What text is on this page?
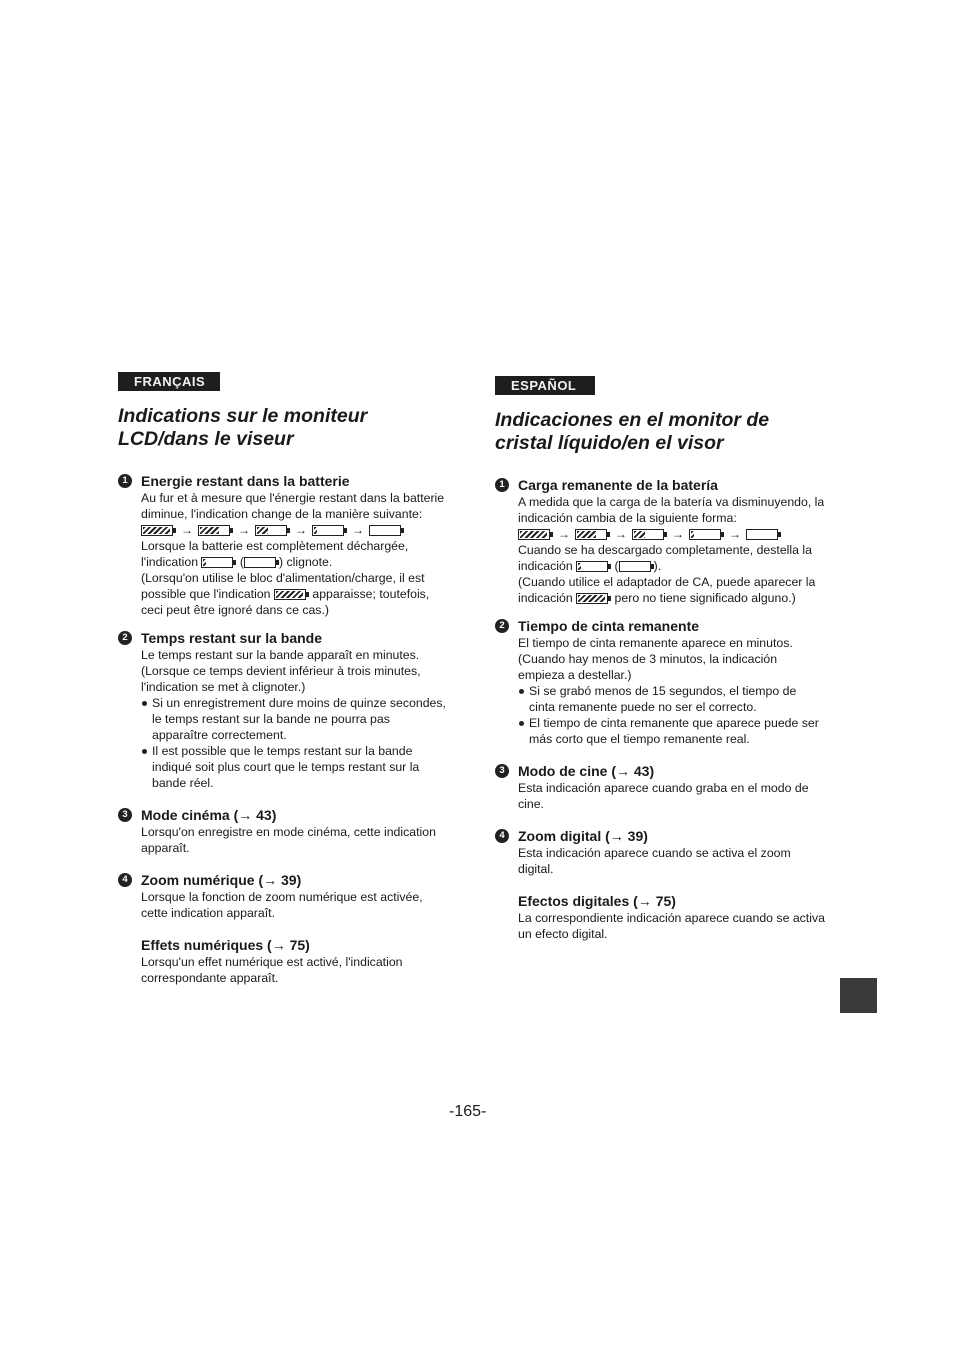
FRANÇAIS
Indications sur le moniteur
LCD/dans le viseur
1 Energie restant dans la batterie

Au fur et à mesure que l'énergie restant dans la batterie diminue, l'indication change de la manière suivante:

→	→	→	→

Lorsque la batterie est complètement déchargée, l'indication	(	) clignote.

(Lorsqu'on utilise le bloc d'alimentation/charge, il est possible que l'indication	apparaisse; toutefois, ceci peut être ignoré dans ce cas.)

2 Temps restant sur la bande

Le temps restant sur la bande apparaît en minutes. (Lorsque ce temps devient inférieur à trois minutes, l'indication se met à clignoter.)

Si un enregistrement dure moins de quinze secondes, le temps restant sur la bande ne pourra pas apparaître correctement.
Il est possible que le temps restant sur la bande indiqué soit plus court que le temps restant sur la bande réel.
3 Mode cinéma (→ 43)

Lorsqu'on enregistre en mode cinéma, cette indication apparaît.

4 Zoom numérique (→ 39)

Lorsque la fonction de zoom numérique est activée, cette indication apparaît.

Effets numériques (→ 75)

Lorsqu'un effet numérique est activé, l'indication correspondante apparaît.

ESPAÑOL
Indicaciones en el monitor de
cristal líquido/en el visor
1 Carga remanente de la batería

A medida que la carga de la batería va disminuyendo, la indicación cambia de la siguiente forma:

→	→	→	→

Cuando se ha descargado completamente, destella la indicación	(	).

(Cuando utilice el adaptador de CA, puede aparecer la indicación	pero no tiene significado alguno.)

2 Tiempo de cinta remanente

El tiempo de cinta remanente aparece en minutos. (Cuando hay menos de 3 minutos, la indicación empieza a destellar.)

Si se grabó menos de 15 segundos, el tiempo de cinta remanente puede no ser el correcto.
El tiempo de cinta remanente que aparece puede ser más corto que el tiempo remanente real.
3 Modo de cine (→ 43)

Esta indicación aparece cuando graba en el modo de cine.

4 Zoom digital (→ 39)

Esta indicación aparece cuando se activa el zoom digital.

Efectos digitales (→ 75)

La correspondiente indicación aparece cuando se activa un efecto digital.

-165-
